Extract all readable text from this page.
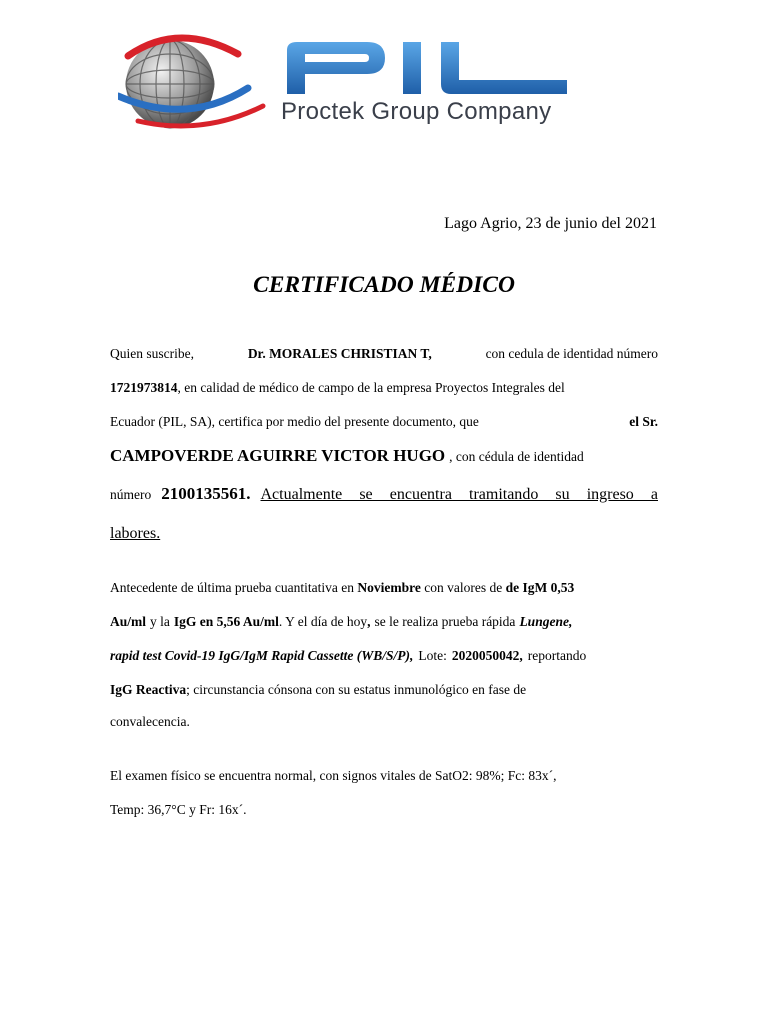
Proctek Group Company
Lago Agrio, 23 de junio del 2021
CERTIFICADO MÉDICO
Quien suscribe,	Dr. MORALES CHRISTIAN T,	con cedula de identidad número
1721973814, en calidad de médico de campo de la empresa Proyectos Integrales del
Ecuador (PIL, SA), certifica por medio del presente documento, que	el Sr.
CAMPOVERDE AGUIRRE VICTOR HUGO , con cédula de identidad
número 2100135561. Actualmente se encuentra tramitando su ingreso a
labores.
Antecedente de última prueba cuantitativa en Noviembre con valores de de IgM 0,53
Au/ml y la IgG en 5,56 Au/ml . Y el día de hoy , se le realiza prueba rápida Lungene,
rapid test Covid-19 IgG/IgM Rapid Cassette (WB/S/P), Lote: 2020050042, reportando
IgG Reactiva; circunstancia cónsona con su estatus inmunológico en fase de
convalecencia.
El examen físico se encuentra normal, con signos vitales de SatO2: 98%; Fc: 83x´,
Temp: 36,7°C y Fr: 16x´.
